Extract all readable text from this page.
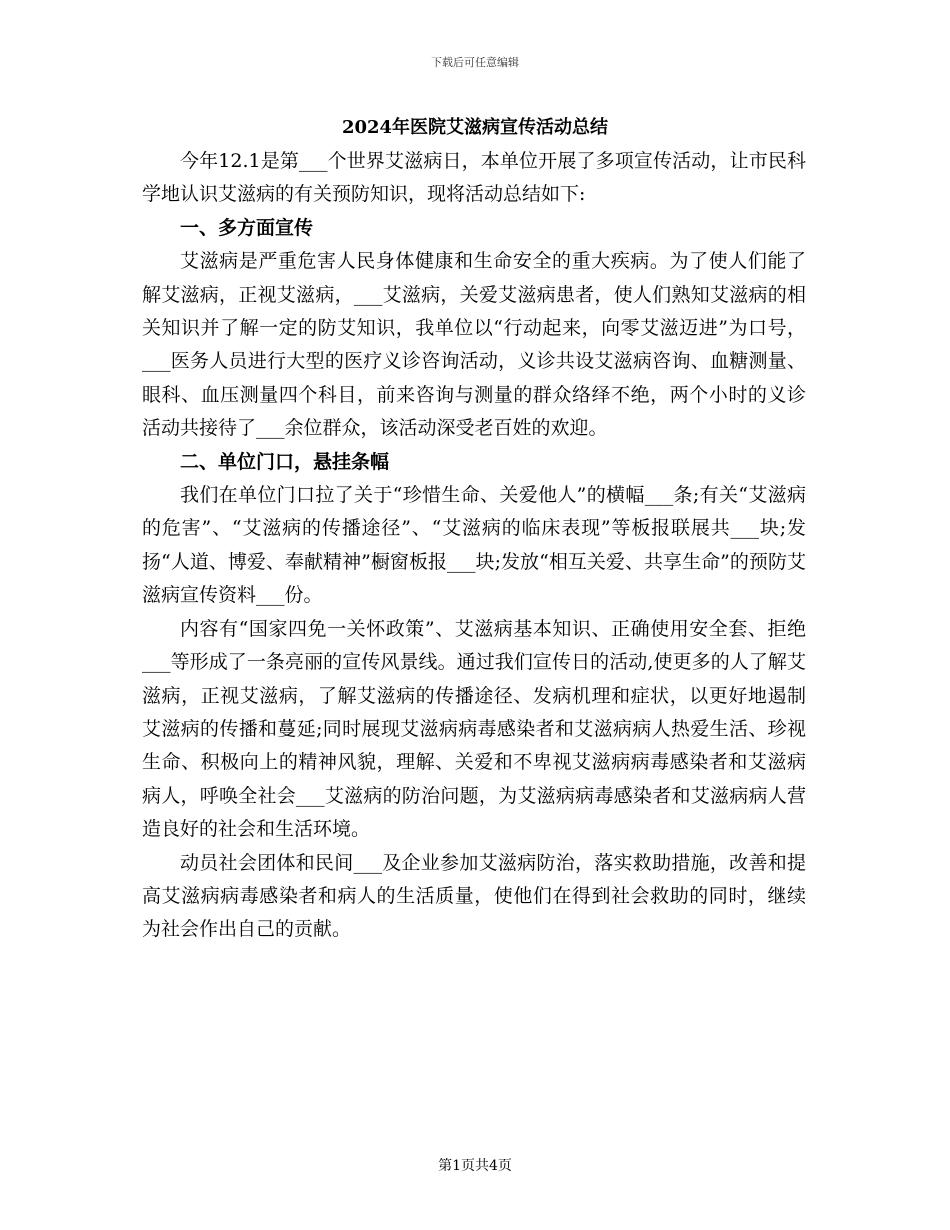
下载后可任意编辑
2024年医院艾滋病宣传活动总结

今年12.1是第___个世界艾滋病日，本单位开展了多项宣传活动，让市民科学地认识艾滋病的有关预防知识，现将活动总结如下:

一、多方面宣传

艾滋病是严重危害人民身体健康和生命安全的重大疾病。为了使人们能了解艾滋病，正视艾滋病，___艾滋病，关爱艾滋病患者，使人们熟知艾滋病的相关知识并了解一定的防艾知识，我单位以“行动起来，向零艾滋迈进”为口号，___医务人员进行大型的医疗义诊咨询活动，义诊共设艾滋病咨询、血糖测量、眼科、血压测量四个科目，前来咨询与测量的群众络绎不绝，两个小时的义诊活动共接待了___余位群众，该活动深受老百姓的欢迎。

二、单位门口，悬挂条幅

我们在单位门口拉了关于“珍惜生命、关爱他人”的横幅___条;有关“艾滋病的危害”、“艾滋病的传播途径”、“艾滋病的临床表现”等板报联展共___块;发扬“人道、博爱、奉献精神”橱窗板报___块;发放“相互关爱、共享生命”的预防艾滋病宣传资料___份。

内容有“国家四免一关怀政策”、艾滋病基本知识、正确使用安全套、拒绝___等形成了一条亮丽的宣传风景线。通过我们宣传日的活动,使更多的人了解艾滋病，正视艾滋病，了解艾滋病的传播途径、发病机理和症状，以更好地遏制艾滋病的传播和蔓延;同时展现艾滋病病毒感染者和艾滋病病人热爱生活、珍视生命、积极向上的精神风貌，理解、关爱和不卑视艾滋病病毒感染者和艾滋病病人，呼唤全社会___艾滋病的防治问题，为艾滋病病毒感染者和艾滋病病人营造良好的社会和生活环境。

动员社会团体和民间___及企业参加艾滋病防治，落实救助措施，改善和提高艾滋病病毒感染者和病人的生活质量，使他们在得到社会救助的同时，继续为社会作出自己的贡献。

第1页共4页
